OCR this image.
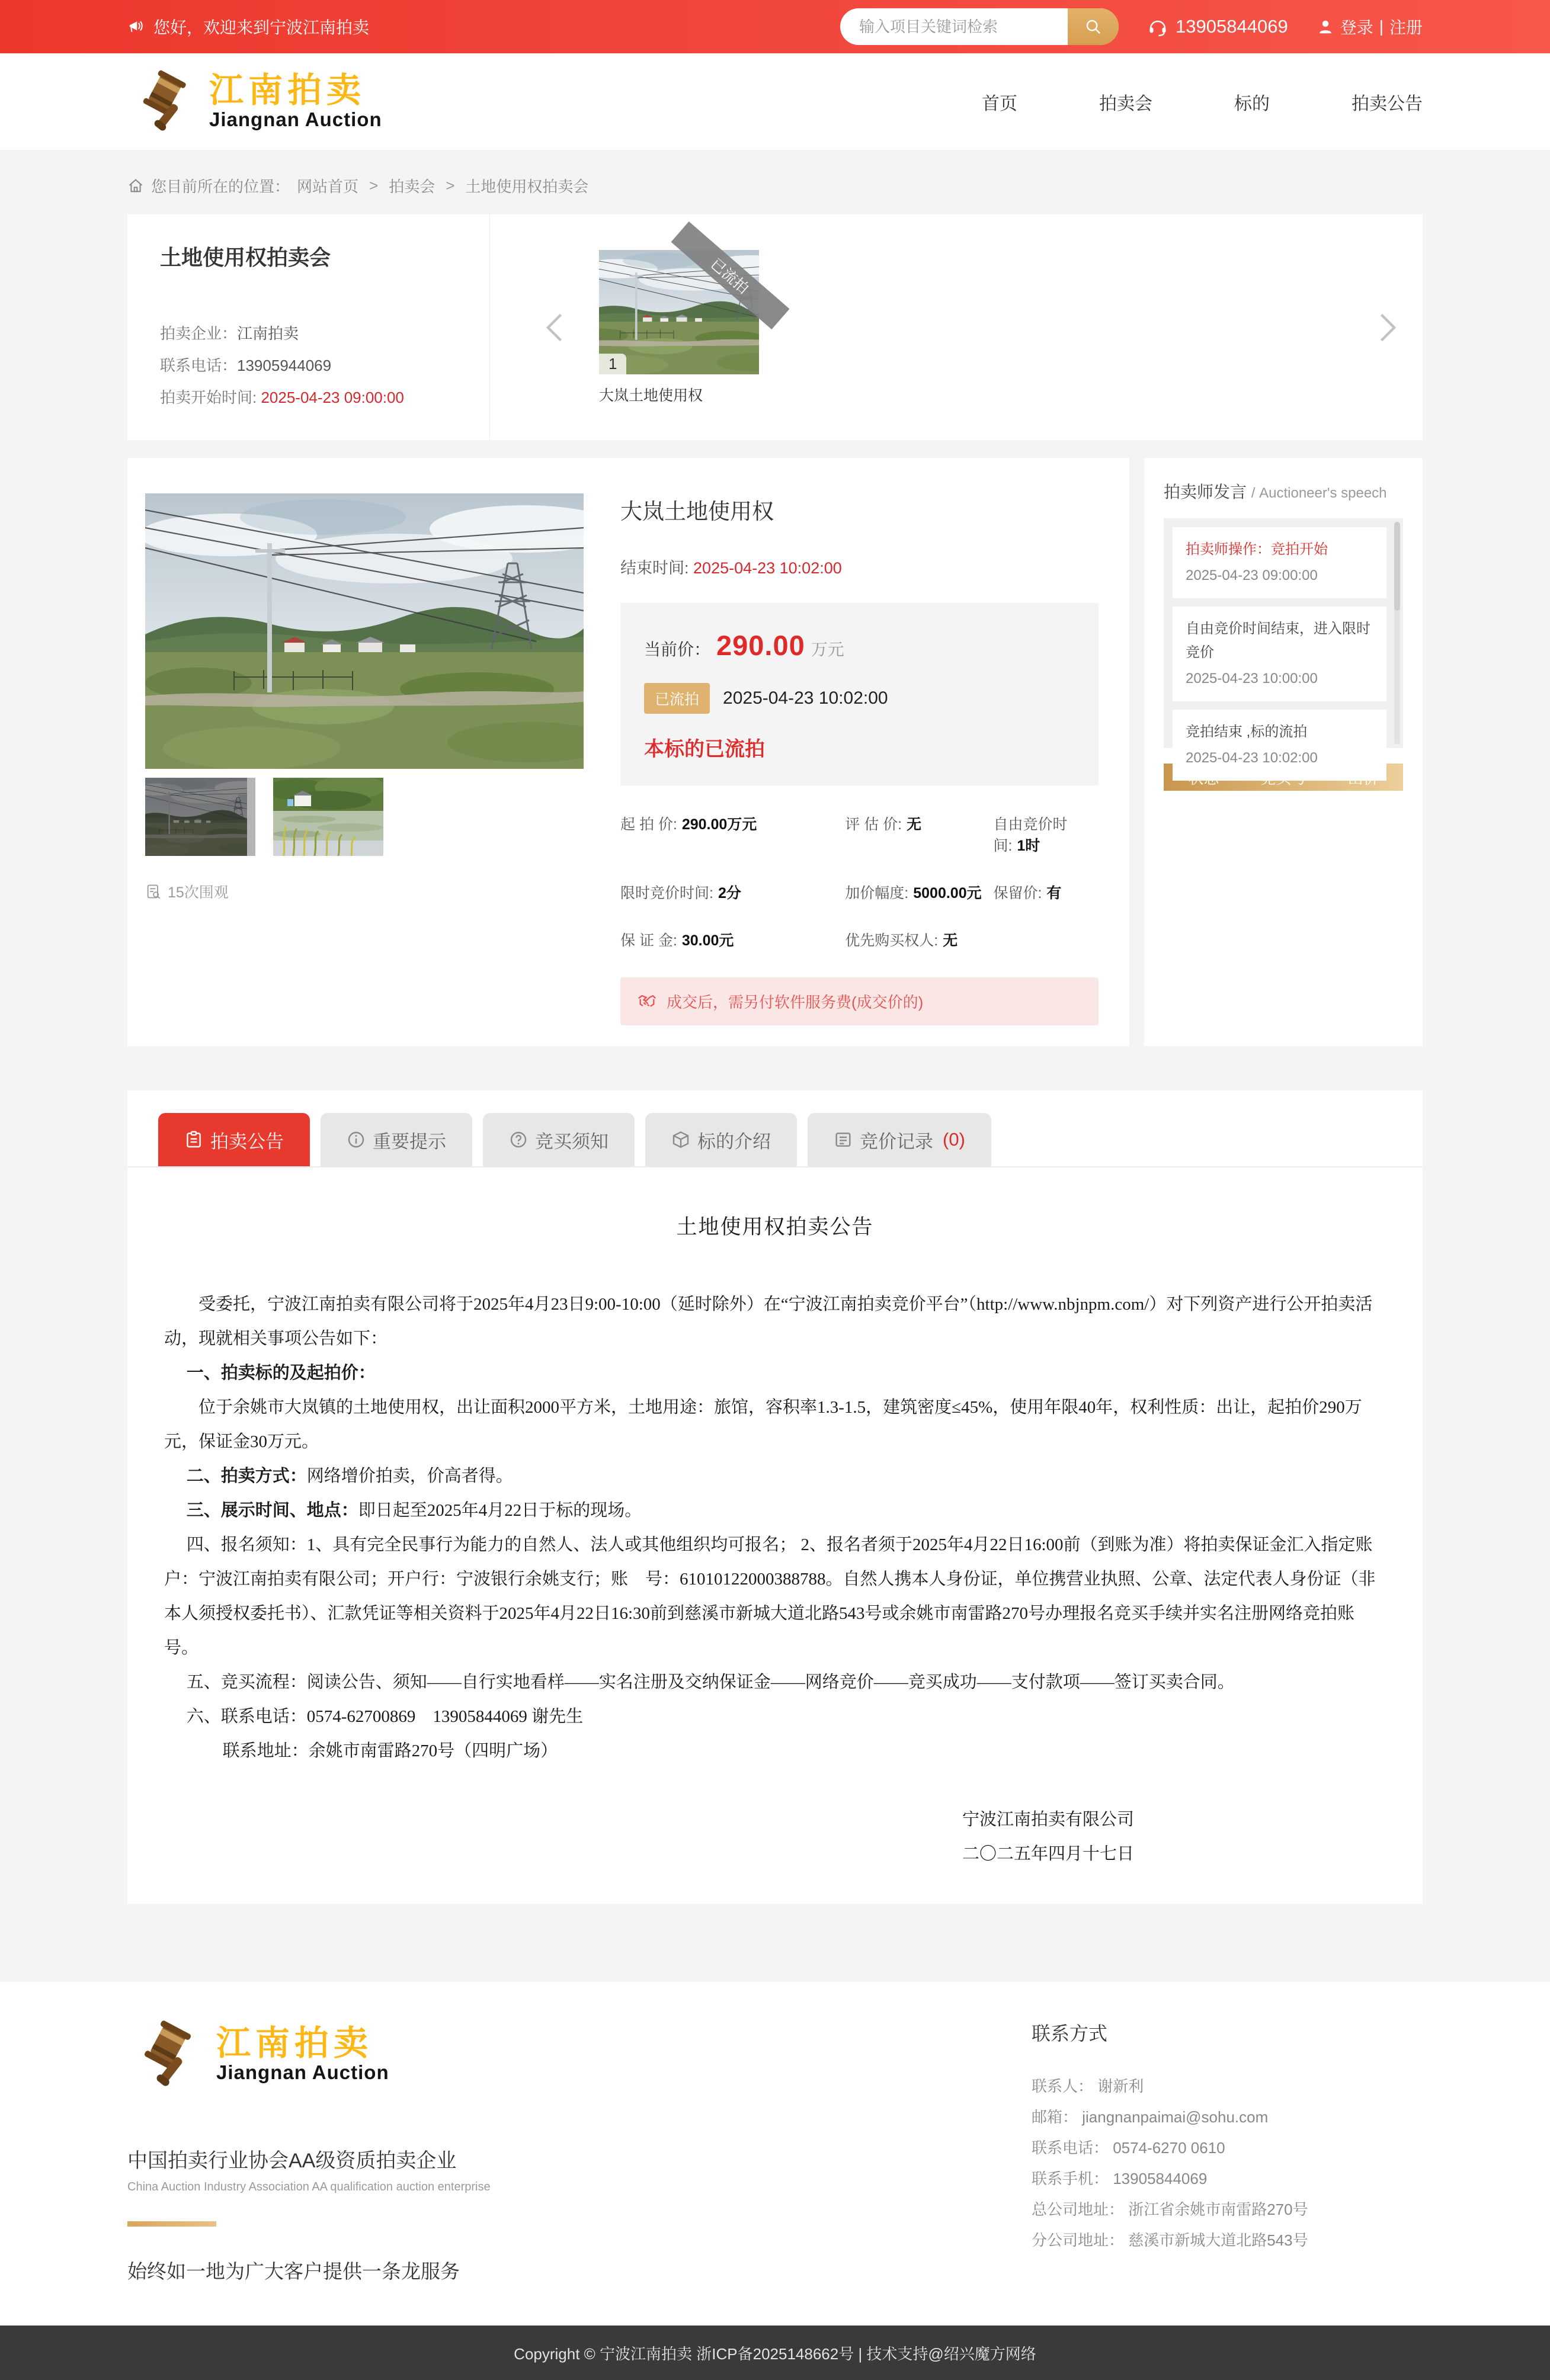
您好，欢迎来到宁波江南拍卖
输入项目关键词检索	13905844069	登录 | 注册
江南拍卖
Jiangnan Auction
首页	拍卖会	标的	拍卖公告
您目前所在的位置： 网站首页 > 拍卖会 > 土地使用权拍卖会
土地使用权拍卖会
拍卖企业：江南拍卖
联系电话：13905944069
拍卖开始时间: 2025-04-23 09:00:00
已流拍
1
大岚土地使用权
15次围观
大岚土地使用权
结束时间: 2025-04-23 10:02:00
当前价： 290.00 万元
已流拍	2025-04-23 10:02:00
本标的已流拍
起 拍 价: 290.00万元	评 估 价: 无	自由竞价时间: 1时
限时竞价时间: 2分	加价幅度: 5000.00元 保留价: 有
保 证 金: 30.00元	优先购买权人: 无
成交后，需另付软件服务费(成交价的)
拍卖师发言 / Auctioneer's speech
拍卖师操作：竞拍开始
2025-04-23 09:00:00
自由竞价时间结束，进入限时竞价
2025-04-23 10:00:00
竞拍结束 ,标的流拍
2025-04-23 10:02:00
拍卖公告	重要提示	竞买须知	标的介绍	竞价记录 (0)
土地使用权拍卖公告

受委托，宁波江南拍卖有限公司将于2025年4月23日9:00-10:00（延时除外）在“宁波江南拍卖竞价平台”（http://www.nbjnpm.com/）对下列资产进行公开拍卖活动，现就相关事项公告如下：

一、拍卖标的及起拍价：

位于余姚市大岚镇的土地使用权，出让面积2000平方米，土地用途：旅馆，容积率1.3-1.5，建筑密度≤45%，使用年限40年，权利性质：出让，起拍价290万元，保证金30万元。

二、拍卖方式：网络增价拍卖，价高者得。

三、展示时间、地点：即日起至2025年4月22日于标的现场。

四、报名须知：1、具有完全民事行为能力的自然人、法人或其他组织均可报名； 2、报名者须于2025年4月22日16:00前（到账为准）将拍卖保证金汇入指定账户：宁波江南拍卖有限公司；开户行：宁波银行余姚支行；账　号：61010122000388788。自然人携本人身份证，单位携营业执照、公章、法定代表人身份证（非本人须授权委托书）、汇款凭证等相关资料于2025年4月22日16:30前到慈溪市新城大道北路543号或余姚市南雷路270号办理报名竞买手续并实名注册网络竞拍账号。

五、竞买流程：阅读公告、须知——自行实地看样——实名注册及交纳保证金——网络竞价——竞买成功——支付款项——签订买卖合同。

六、联系电话：0574-62700869　13905844069 谢先生

联系地址：余姚市南雷路270号（四明广场）

宁波江南拍卖有限公司

二〇二五年四月十七日

江南拍卖
Jiangnan Auction
中国拍卖行业协会AA级资质拍卖企业
China Auction Industry Association AA qualification auction enterprise
始终如一地为广大客户提供一条龙服务
联系方式
联系人： 谢新利
邮箱： jiangnanpaimai@sohu.com
联系电话： 0574-6270 0610
联系手机： 13905844069
总公司地址： 浙江省余姚市南雷路270号
分公司地址： 慈溪市新城大道北路543号
Copyright © 宁波江南拍卖 浙ICP备2025148662号 | 技术支持@绍兴魔方网络
